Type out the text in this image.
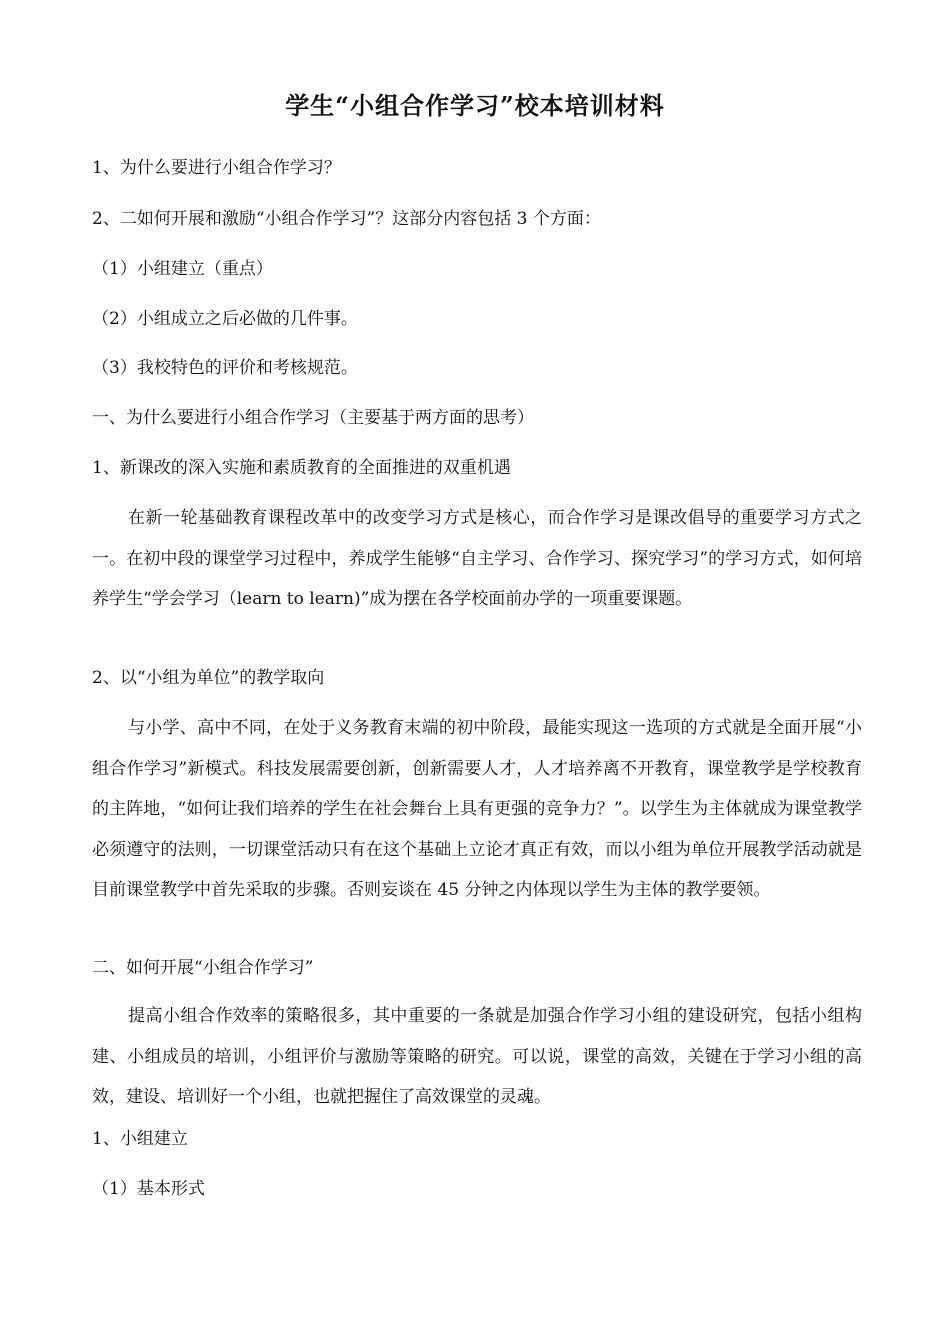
学生“小组合作学习”校本培训材料
1、为什么要进行小组合作学习？
2、二如何开展和激励“小组合作学习”？这部分内容包括 3 个方面：
（1）小组建立（重点）
（2）小组成立之后必做的几件事。
（3）我校特色的评价和考核规范。
一、为什么要进行小组合作学习（主要基于两方面的思考）
1、新课改的深入实施和素质教育的全面推进的双重机遇
在新一轮基础教育课程改革中的改变学习方式是核心，而合作学习是课改倡导的重要学习方式之一。在初中段的课堂学习过程中，养成学生能够“自主学习、合作学习、探究学习”的学习方式，如何培养学生“学会学习（learn to learn)”成为摆在各学校面前办学的一项重要课题。
2、以“小组为单位”的教学取向
与小学、高中不同，在处于义务教育末端的初中阶段，最能实现这一选项的方式就是全面开展“小组合作学习”新模式。科技发展需要创新，创新需要人才，人才培养离不开教育，课堂教学是学校教育的主阵地，“如何让我们培养的学生在社会舞台上具有更强的竞争力？”。以学生为主体就成为课堂教学必须遵守的法则，一切课堂活动只有在这个基础上立论才真正有效，而以小组为单位开展教学活动就是目前课堂教学中首先采取的步骤。否则妄谈在 45 分钟之内体现以学生为主体的教学要领。
二、如何开展“小组合作学习”
提高小组合作效率的策略很多，其中重要的一条就是加强合作学习小组的建设研究，包括小组构建、小组成员的培训，小组评价与激励等策略的研究。可以说，课堂的高效，关键在于学习小组的高效，建设、培训好一个小组，也就把握住了高效课堂的灵魂。
1、小组建立
（1）基本形式
